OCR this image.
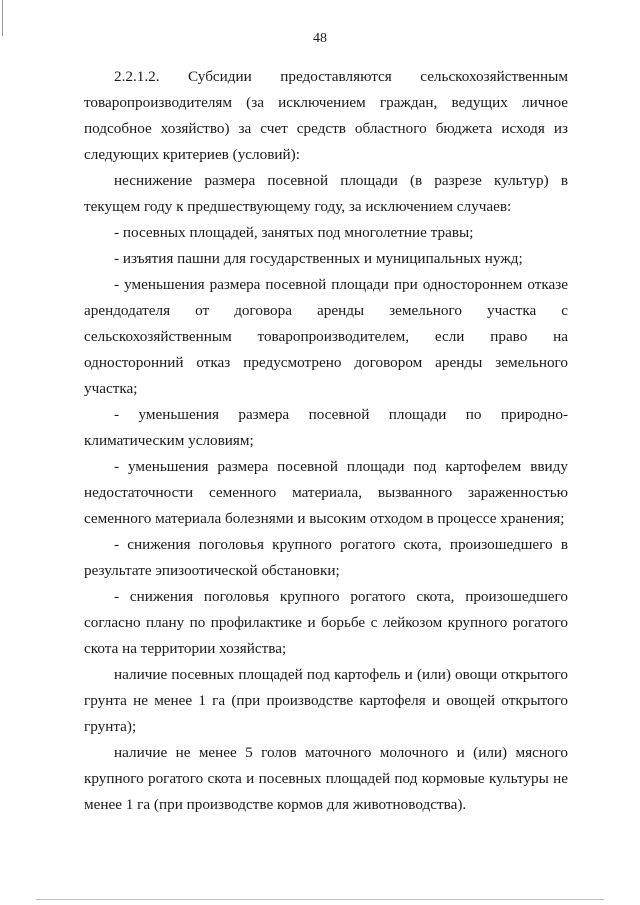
48

2.2.1.2. Субсидии предоставляются сельскохозяйственным товаропроизводителям (за исключением граждан, ведущих личное подсобное хозяйство) за счет средств областного бюджета исходя из следующих критериев (условий):

неснижение размера посевной площади (в разрезе культур) в текущем году к предшествующему году, за исключением случаев:

- посевных площадей, занятых под многолетние травы;

- изъятия пашни для государственных и муниципальных нужд;

- уменьшения размера посевной площади при одностороннем отказе арендодателя от договора аренды земельного участка с сельскохозяйственным товаропроизводителем, если право на односторонний отказ предусмотрено договором аренды земельного участка;

- уменьшения размера посевной площади по природно-климатическим условиям;

- уменьшения размера посевной площади под картофелем ввиду недостаточности семенного материала, вызванного зараженностью семенного материала болезнями и высоким отходом в процессе хранения;

- снижения поголовья крупного рогатого скота, произошедшего в результате эпизоотической обстановки;

- снижения поголовья крупного рогатого скота, произошедшего согласно плану по профилактике и борьбе с лейкозом крупного рогатого скота на территории хозяйства;

наличие посевных площадей под картофель и (или) овощи открытого грунта не менее 1 га (при производстве картофеля и овощей открытого грунта);

наличие не менее 5 голов маточного молочного и (или) мясного крупного рогатого скота и посевных площадей под кормовые культуры не менее 1 га (при производстве кормов для животноводства).
